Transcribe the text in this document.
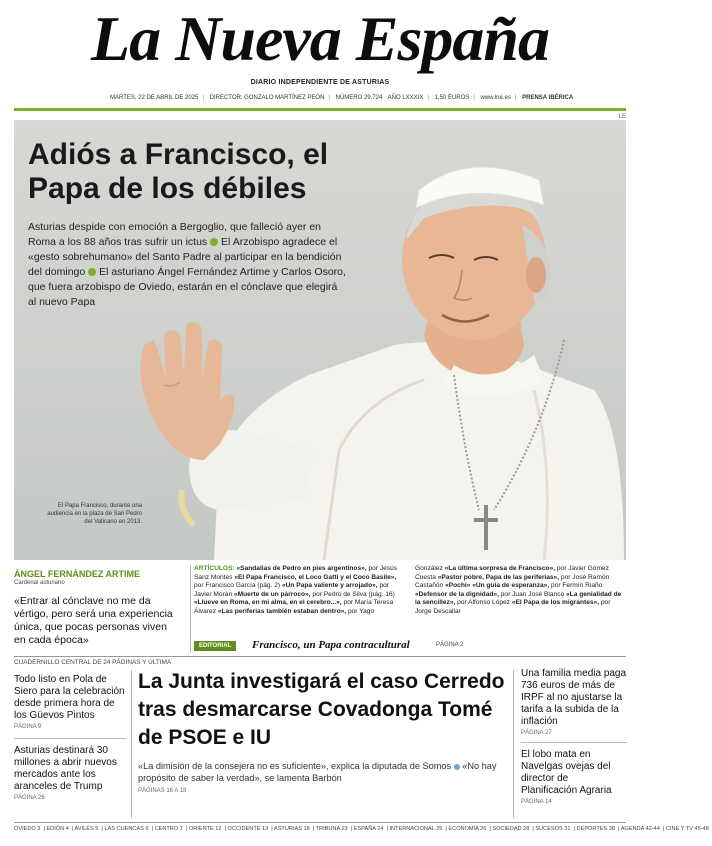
La Nueva España
DIARIO INDEPENDIENTE DE ASTURIAS
MARTES, 22 DE ABRIL DE 2025 | DIRECTOR: GONZALO MARTÍNEZ PEÓN | NÚMERO 29.724 AÑO LXXXIX | 1,50 EUROS | www.lne.es | PRENSA IBÉRICA
LE
Adiós a Francisco, el Papa de los débiles

Asturias despide con emoción a Bergoglio, que falleció ayer en Roma a los 88 años tras sufrir un ictus El Arzobispo agradece el «gesto sobrehumano» del Santo Padre al participar en la bendición del domingo El asturiano Ángel Fernández Artime y Carlos Osoro, que fuera arzobispo de Oviedo, estarán en el cónclave que elegirá al nuevo Papa

El Papa Francisco, durante una audiencia en la plaza de San Pedro del Vaticano en 2013.
ÁNGEL FERNÁNDEZ ARTIME
Cardenal asturiano
«Entrar al cónclave no me da vértigo, pero será una experiencia única, que pocas personas viven en cada época»
ARTÍCULOS: «Sandalias de Pedro en pies argentinos», por Jesús Sanz Montes «El Papa Francisco, el Loco Gatti y el Coco Basile», por Francisco García (pág. 2) «Un Papa valiente y arrojado», por Javier Morán «Muerte de un párroco», por Pedro de Silva (pág. 16) «Llueve en Roma, en mi alma, en el cerebro...», por María Teresa Álvarez «Las periferias también estaban dentro», por Yago González «La última sorpresa de Francisco», por Javier Gómez Cuesta «Pastor pobre, Papa de las periferias», por José Ramón Castañón «Pochi» «Un guía de esperanza», por Fermín Riaño «Defensor de la dignidad», por Juan José Blanco «La genialidad de la sencillez», por Alfonso López «El Papa de los migrantes», por Jorge Descallar
EDITORIAL	Francisco, un Papa contracultural	PÁGINA 2
CUADERNILLO CENTRAL DE 24 PÁGINAS Y ÚLTIMA
Todo listo en Pola de Siero para la celebración desde primera hora de los Güevos Pintos
PÁGINA 9
Asturias destinará 30 millones a abrir nuevos mercados ante los aranceles de Trump
PÁGINA 26
La Junta investigará el caso Cerredo tras desmarcarse Covadonga Tomé de PSOE e IU

«La dimisión de la consejera no es suficiente», explica la diputada de Somos «No hay propósito de saber la verdad», se lamenta Barbón

PÁGINAS 16 A 18
Una familia media paga 736 euros de más de IRPF al no ajustarse la tarifa a la subida de la inflación
PÁGINA 27
El lobo mata en Navelgas ovejas del director de Planificación Agraria
PÁGINA 14
OVIEDO 3 | EDIÓN 4 | AVILÉS 5 | LAS CUENCAS 6 | CENTRO 7 | ORIENTE 12 | OCCIDENTE 13 | ASTURIAS 18 | TRIBUNA 23 | ESPAÑA 24 | INTERNACIONAL 25 | ECONOMÍA 26 | SOCIEDAD 28 | SUCESOS 31 | DEPORTES 38 | AGENDA 42-44 | CINE Y TV 45-48
